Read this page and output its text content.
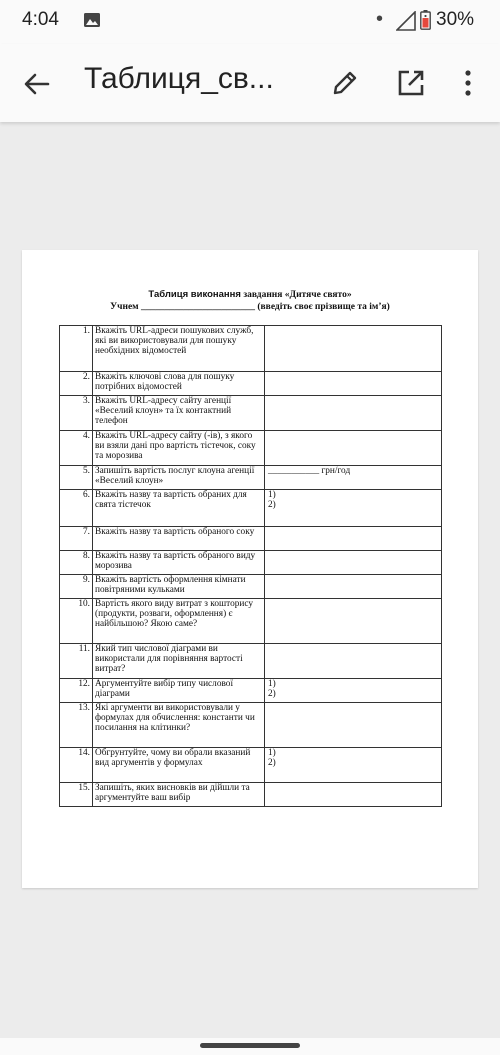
4:04	•	30%
Таблиця_св...
Таблиця виконання завдання «Дитяче свято»
Учнем ________________________ (введіть своє прізвище та ім’я)
1.	Вкажіть URL-адреси пошукових служб, які ви використовували для пошуку необхідних відомостей	
2.	Вкажіть ключові слова для пошуку потрібних відомостей	
3.	Вкажіть URL-адресу сайту агенції «Веселий клоун» та їх контактний телефон	
4.	Вкажіть URL-адресу сайту (-ів), з якого ви взяли дані про вартість тістечок, соку та морозива	
5.	Запишіть вартість послуг клоуна агенції «Веселий клоун»	___________ грн/год
6.	Вкажіть назву та вартість обраних для свята тістечок	1)
2)
7.	Вкажіть назву та вартість обраного соку	
8.	Вкажіть назву та вартість обраного виду морозива	
9.	Вкажіть вартість оформлення кімнати повітряними кульками	
10.	Вартість якого виду витрат з кошторису (продукти, розваги, оформлення) є найбільшою? Якою саме?	
11.	Який тип числової діаграми ви використали для порівняння вартості витрат?	
12.	Аргументуйте вибір типу числової діаграми	1)
2)
13.	Які аргументи ви використовували у формулах для обчислення: константи чи посилання на клітинки?	
14.	Обгрунтуйте, чому ви обрали вказаний вид аргументів у формулах	1)
2)
15.	Запишіть, яких висновків ви дійшли та аргументуйте ваш вибір	
